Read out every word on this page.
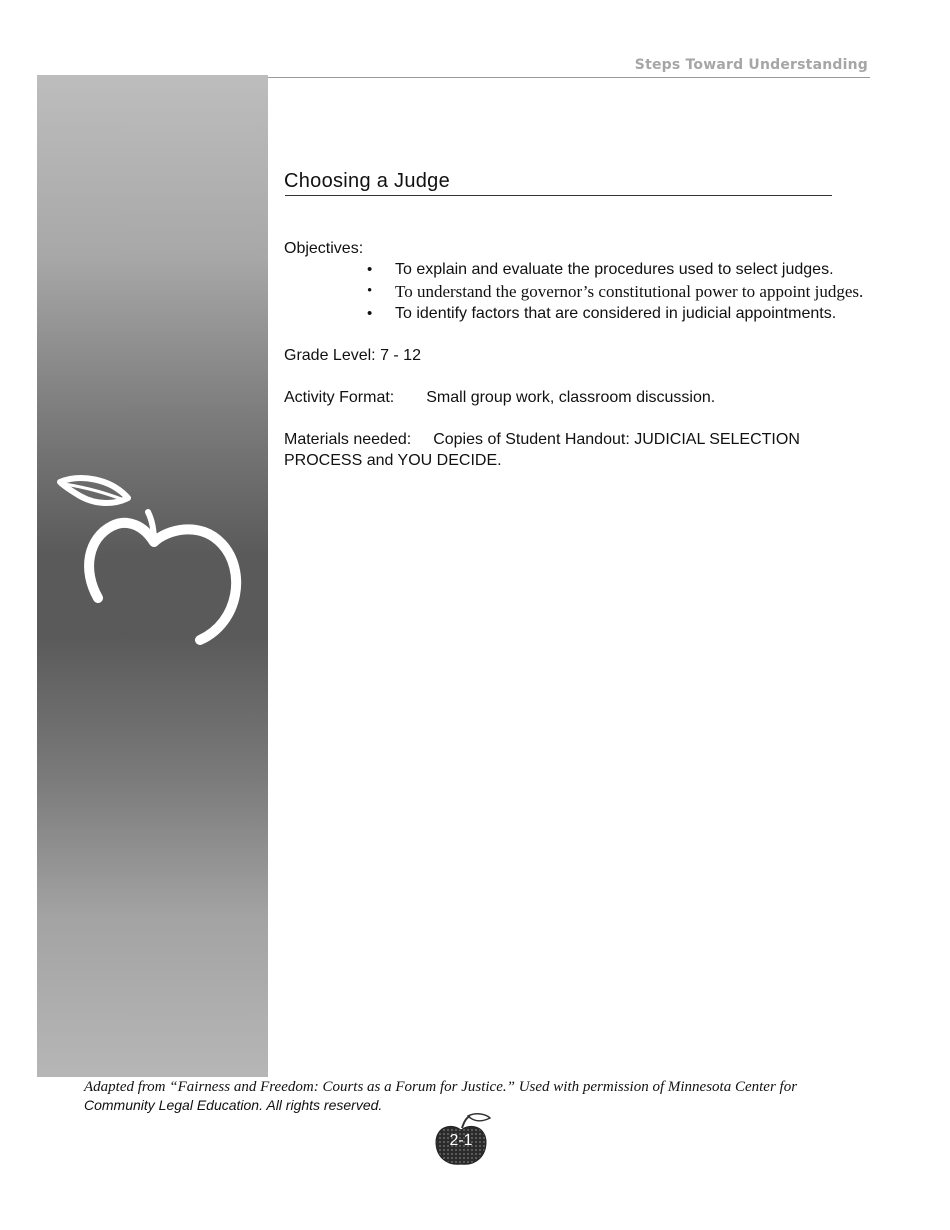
Steps Toward Understanding
Choosing a Judge

Objectives:

• To explain and evaluate the procedures used to select judges.
• To understand the governor’s constitutional power to appoint judges.
• To identify factors that are considered in judicial appointments.
Grade Level: 7 - 12
Activity Format: Small group work, classroom discussion.
Materials needed: Copies of Student Handout: JUDICIAL SELECTION PROCESS and YOU DECIDE.
Adapted from “Fairness and Freedom: Courts as a Forum for Justice.” Used with permission of Minnesota Center for
Community Legal Education. All rights reserved.
2-1
